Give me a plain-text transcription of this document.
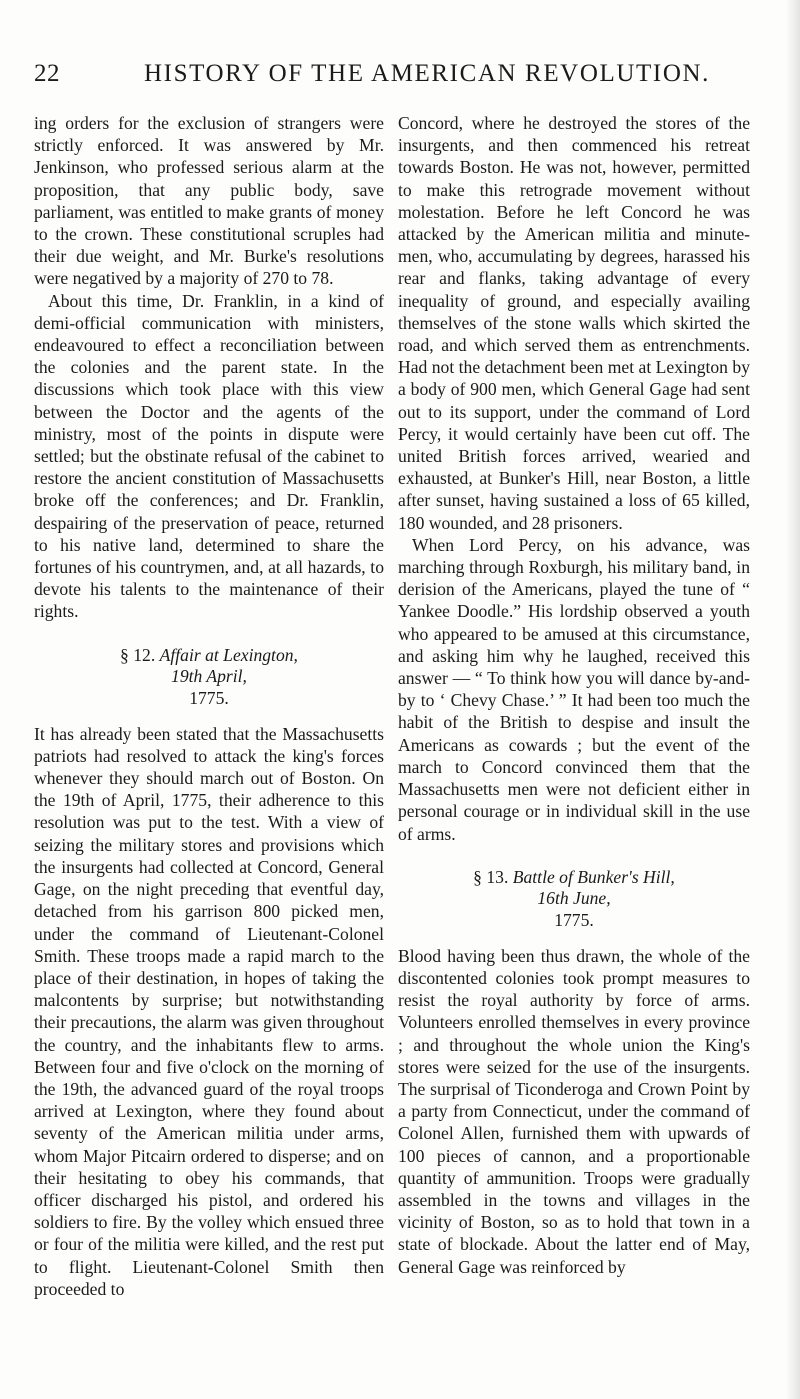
22	HISTORY OF THE AMERICAN REVOLUTION.

ing orders for the exclusion of strangers were strictly enforced. It was answered by Mr. Jenkinson, who professed serious alarm at the proposition, that any public body, save parliament, was entitled to make grants of money to the crown. These constitutional scruples had their due weight, and Mr. Burke's resolutions were negatived by a majority of 270 to 78.

About this time, Dr. Franklin, in a kind of demi-official communication with ministers, endeavoured to effect a reconciliation between the colonies and the parent state. In the discussions which took place with this view between the Doctor and the agents of the ministry, most of the points in dispute were settled; but the obstinate refusal of the cabinet to restore the ancient constitution of Massachusetts broke off the conferences; and Dr. Franklin, despairing of the preservation of peace, returned to his native land, determined to share the fortunes of his countrymen, and, at all hazards, to devote his talents to the maintenance of their rights.

§ 12. Affair at Lexington,
19th April,
1775.

It has already been stated that the Massachusetts patriots had resolved to attack the king's forces whenever they should march out of Boston. On the 19th of April, 1775, their adherence to this resolution was put to the test. With a view of seizing the military stores and provisions which the insurgents had collected at Concord, General Gage, on the night preceding that eventful day, detached from his garrison 800 picked men, under the command of Lieutenant-Colonel Smith. These troops made a rapid march to the place of their destination, in hopes of taking the malcontents by surprise; but notwithstanding their precautions, the alarm was given throughout the country, and the inhabitants flew to arms. Between four and five o'clock on the morning of the 19th, the advanced guard of the royal troops arrived at Lexington, where they found about seventy of the American militia under arms, whom Major Pitcairn ordered to disperse; and on their hesitating to obey his commands, that officer discharged his pistol, and ordered his soldiers to fire. By the volley which ensued three or four of the militia were killed, and the rest put to flight. Lieutenant-Colonel Smith then proceeded to

Concord, where he destroyed the stores of the insurgents, and then commenced his retreat towards Boston. He was not, however, permitted to make this retrograde movement without molestation. Before he left Concord he was attacked by the American militia and minute-men, who, accumulating by degrees, harassed his rear and flanks, taking advantage of every inequality of ground, and especially availing themselves of the stone walls which skirted the road, and which served them as entrenchments. Had not the detachment been met at Lexington by a body of 900 men, which General Gage had sent out to its support, under the command of Lord Percy, it would certainly have been cut off. The united British forces arrived, wearied and exhausted, at Bunker's Hill, near Boston, a little after sunset, having sustained a loss of 65 killed, 180 wounded, and 28 prisoners.

When Lord Percy, on his advance, was marching through Roxburgh, his military band, in derision of the Americans, played the tune of “ Yankee Doodle.” His lordship observed a youth who appeared to be amused at this circumstance, and asking him why he laughed, received this answer — “ To think how you will dance by-and-by to ‘ Chevy Chase.’ ” It had been too much the habit of the British to despise and insult the Americans as cowards ; but the event of the march to Concord convinced them that the Massachusetts men were not deficient either in personal courage or in individual skill in the use of arms.

§ 13. Battle of Bunker's Hill,
16th June,
1775.

Blood having been thus drawn, the whole of the discontented colonies took prompt measures to resist the royal authority by force of arms. Volunteers enrolled themselves in every province ; and throughout the whole union the King's stores were seized for the use of the insurgents. The surprisal of Ticonderoga and Crown Point by a party from Connecticut, under the command of Colonel Allen, furnished them with upwards of 100 pieces of cannon, and a proportionable quantity of ammunition. Troops were gradually assembled in the towns and villages in the vicinity of Boston, so as to hold that town in a state of blockade. About the latter end of May, General Gage was reinforced by
